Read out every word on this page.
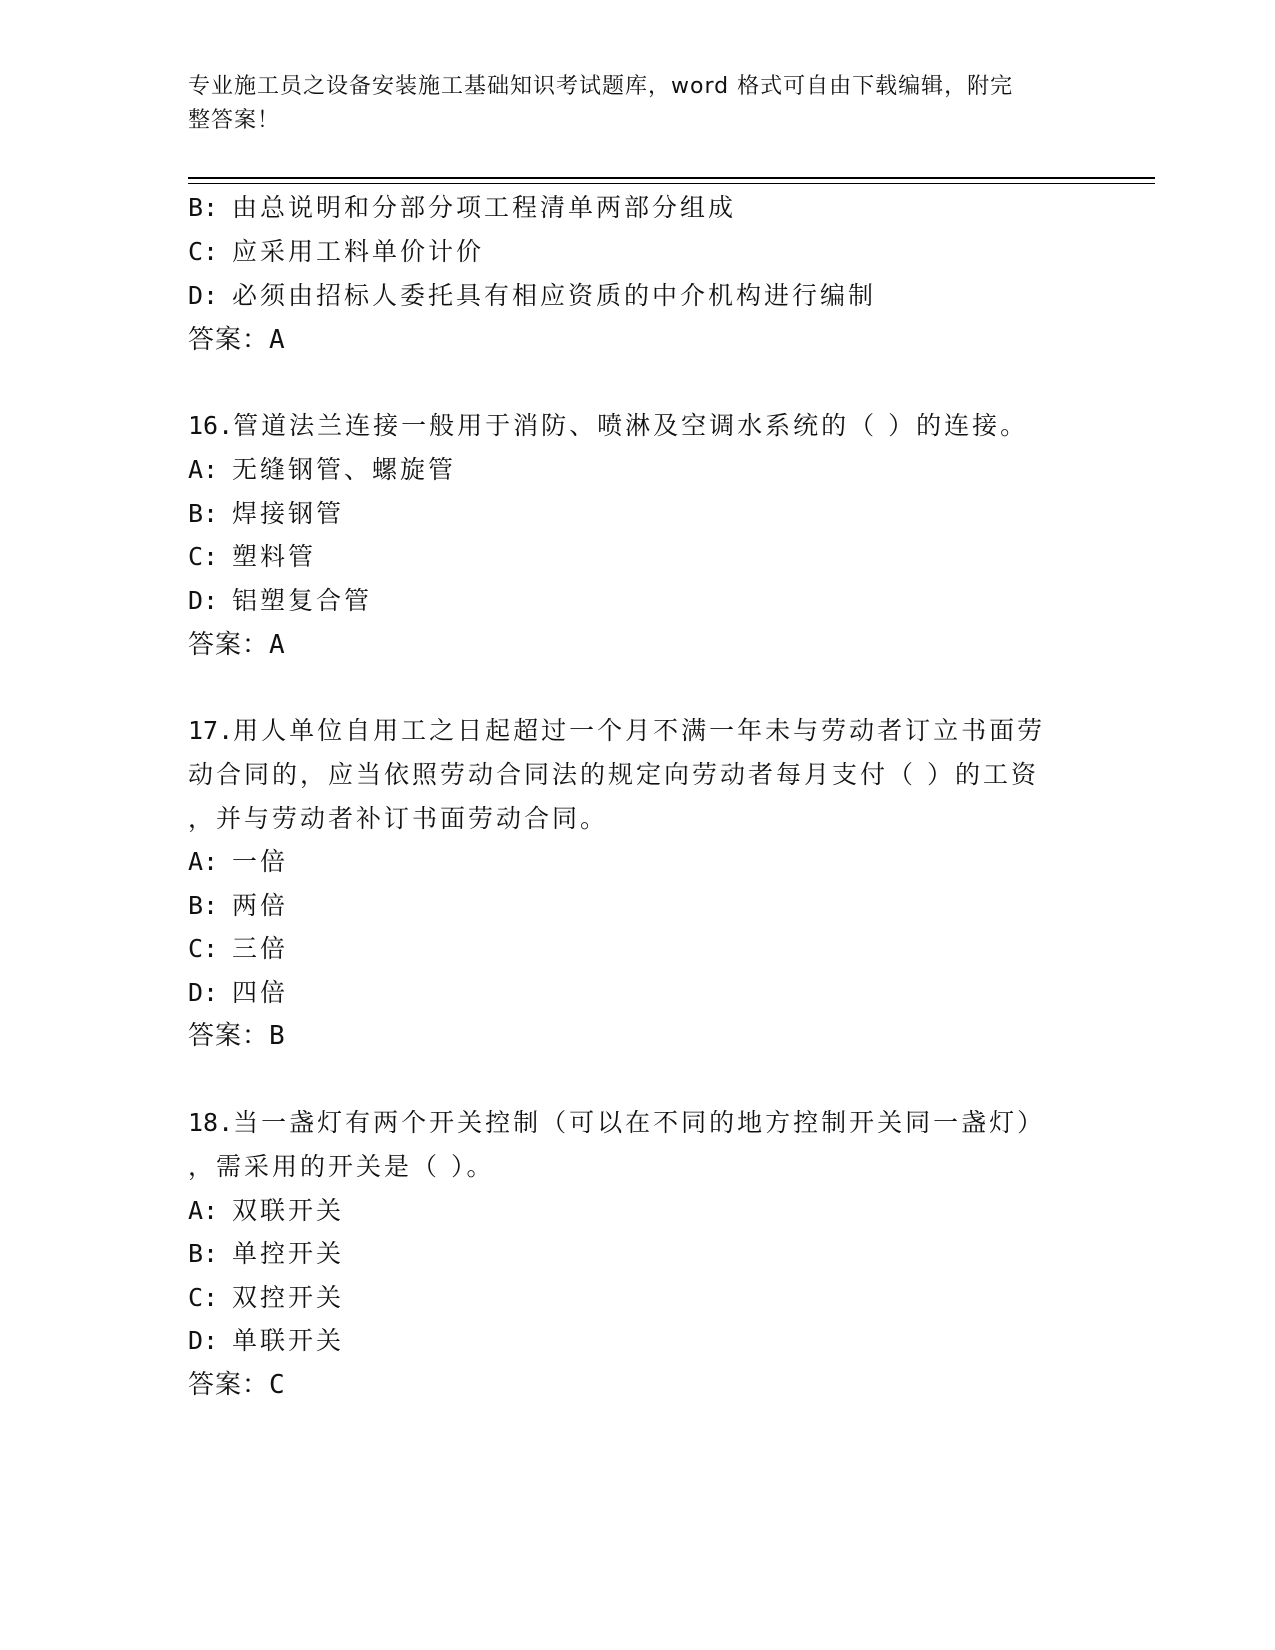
专业施工员之设备安装施工基础知识考试题库，word 格式可自由下载编辑，附完
整答案！
B: 由总说明和分部分项工程清单两部分组成
C: 应采用工料单价计价
D: 必须由招标人委托具有相应资质的中介机构进行编制
答案：A
16.管道法兰连接一般用于消防、喷淋及空调水系统的（ ）的连接。
A: 无缝钢管、螺旋管
B: 焊接钢管
C: 塑料管
D: 铝塑复合管
答案：A
17.用人单位自用工之日起超过一个月不满一年未与劳动者订立书面劳
动合同的，应当依照劳动合同法的规定向劳动者每月支付（ ）的工资
，并与劳动者补订书面劳动合同。
A: 一倍
B: 两倍
C: 三倍
D: 四倍
答案：B
18.当一盏灯有两个开关控制（可以在不同的地方控制开关同一盏灯）
，需采用的开关是（ ）。
A: 双联开关
B: 单控开关
C: 双控开关
D: 单联开关
答案：C
